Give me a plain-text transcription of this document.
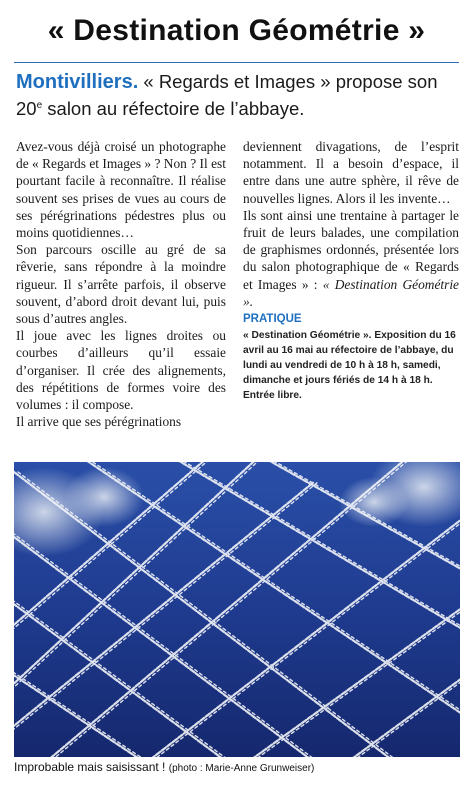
« Destination Géométrie »
Montivilliers. « Regards et Images » propose son 20e salon au réfectoire de l’abbaye.

Avez-vous déjà croisé un photographe de « Regards et Images » ? Non ? Il est pourtant facile à reconnaître. Il réalise souvent ses prises de vues au cours de ses pérégrinations pédestres plus ou moins quotidiennes…

Son parcours oscille au gré de sa rêverie, sans répondre à la moindre rigueur. Il s’arrête parfois, il observe souvent, d’abord droit devant lui, puis sous d’autres angles.

Il joue avec les lignes droites ou courbes d’ailleurs qu’il essaie d’organiser. Il crée des alignements, des répétitions de formes voire des volumes : il compose.

Il arrive que ses pérégrinations

deviennent divagations, de l’esprit notamment. Il a besoin d’espace, il entre dans une autre sphère, il rêve de nouvelles lignes. Alors il les invente…

Ils sont ainsi une trentaine à partager le fruit de leurs balades, une compilation de graphismes ordonnés, présentée lors du salon photographique de « Regards et Images » : « Destination Géométrie ».

PRATIQUE
« Destination Géométrie ». Exposition du 16 avril au 16 mai au réfectoire de l’abbaye, du lundi au vendredi de 10 h à 18 h, samedi, dimanche et jours fériés de 14 h à 18 h. Entrée libre.
Improbable mais saisissant ! (photo : Marie-Anne Grunweiser)
